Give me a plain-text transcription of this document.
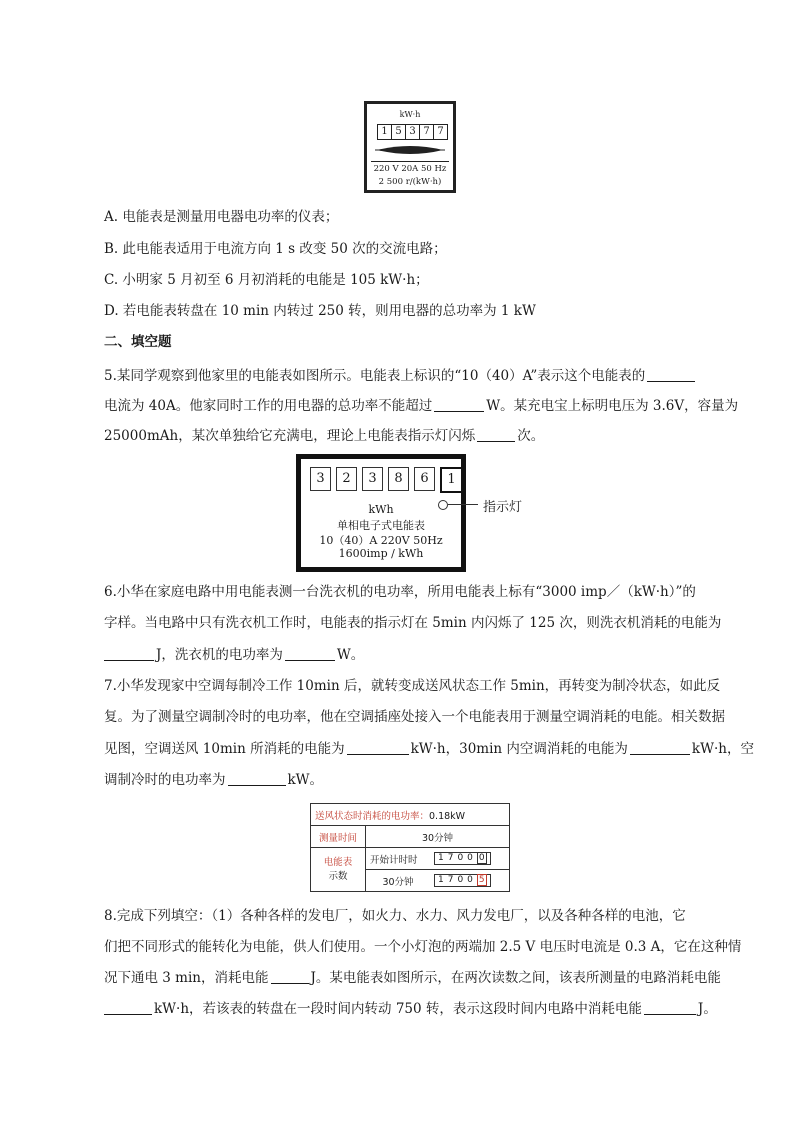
kW·h
1 5 3 7 7
220 V 20A 50 Hz
2 500 r/(kW·h)
A. 电能表是测量用电器电功率的仪表；
B. 此电能表适用于电流方向 1 s 改变 50 次的交流电路；
C. 小明家 5 月初至 6 月初消耗的电能是 105 kW·h；
D. 若电能表转盘在 10 min 内转过 250 转，则用电器的总功率为 1 kW
二、填空题
5.某同学观察到他家里的电能表如图所示。电能表上标识的“10（40）A”表示这个电能表的
电流为 40A。他家同时工作的用电器的总功率不能超过	W。某充电宝上标明电压为 3.6V，容量为
25000mAh，某次单独给它充满电，理论上电能表指示灯闪烁	次。
3	2	3	8	6	1
kWh
单相电子式电能表
10（40）A 220V 50Hz
1600imp / kWh
指示灯
6.小华在家庭电路中用电能表测一台洗衣机的电功率，所用电能表上标有“3000 imp／（kW·h）”的
字样。当电路中只有洗衣机工作时，电能表的指示灯在 5min 内闪烁了 125 次，则洗衣机消耗的电能为
J，洗衣机的电功率为	W。
7.小华发现家中空调每制冷工作 10min 后，就转变成送风状态工作 5min，再转变为制冷状态，如此反
复。为了测量空调制冷时的电功率，他在空调插座处接入一个电能表用于测量空调消耗的电能。相关数据
见图，空调送风 10min 所消耗的电能为	kW·h，30min 内空调消耗的电能为	kW·h，空
调制冷时的电功率为	kW。
送风状态时消耗的电功率：0.18kW		
测量时间	30分钟	
电能表
示数	开始计时时	1700 0
	30分钟	1700 5
8.完成下列填空：（1）各种各样的发电厂，如火力、水力、风力发电厂，以及各种各样的电池，它
们把不同形式的能转化为电能，供人们使用。一个小灯泡的两端加 2.5 V 电压时电流是 0.3 A，它在这种情
况下通电 3 min，消耗电能	J。某电能表如图所示，在两次读数之间，该表所测量的电路消耗电能
kW·h，若该表的转盘在一段时间内转动 750 转，表示这段时间内电路中消耗电能	J。
